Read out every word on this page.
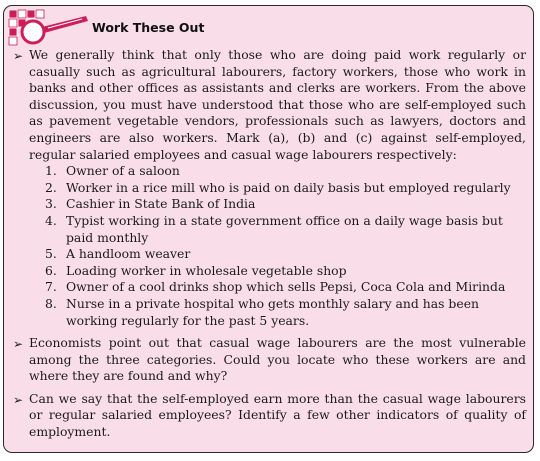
Work These Out
➢ We generally think that only those who are doing paid work regularly or casually such as agricultural labourers, factory workers, those who work in banks and other offices as assistants and clerks are workers. From the above discussion, you must have understood that those who are self-employed such as pavement vegetable vendors, professionals such as lawyers, doctors and engineers are also workers. Mark (a), (b) and (c) against self-employed, regular salaried employees and casual wage labourers respectively:
1. Owner of a saloon
2. Worker in a rice mill who is paid on daily basis but employed regularly
3. Cashier in State Bank of India
4. Typist working in a state government office on a daily wage basis but paid monthly
5. A handloom weaver
6. Loading worker in wholesale vegetable shop
7. Owner of a cool drinks shop which sells Pepsi, Coca Cola and Mirinda
8. Nurse in a private hospital who gets monthly salary and has been working regularly for the past 5 years.
➢ Economists point out that casual wage labourers are the most vulnerable among the three categories. Could you locate who these workers are and where they are found and why?
➢ Can we say that the self-employed earn more than the casual wage labourers or regular salaried employees? Identify a few other indicators of quality of employment.
